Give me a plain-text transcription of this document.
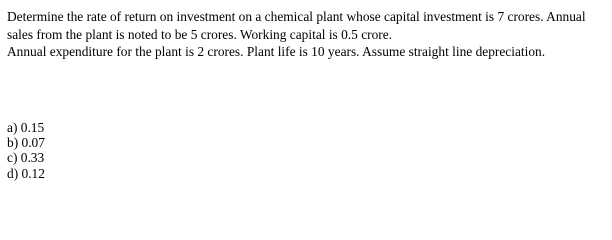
Determine the rate of return on investment on a chemical plant whose capital investment is 7 crores. Annual sales from the plant is noted to be 5 crores. Working capital is 0.5 crore.

Annual expenditure for the plant is 2 crores. Plant life is 10 years. Assume straight line depreciation.

a) 0.15
b) 0.07
c) 0.33
d) 0.12
